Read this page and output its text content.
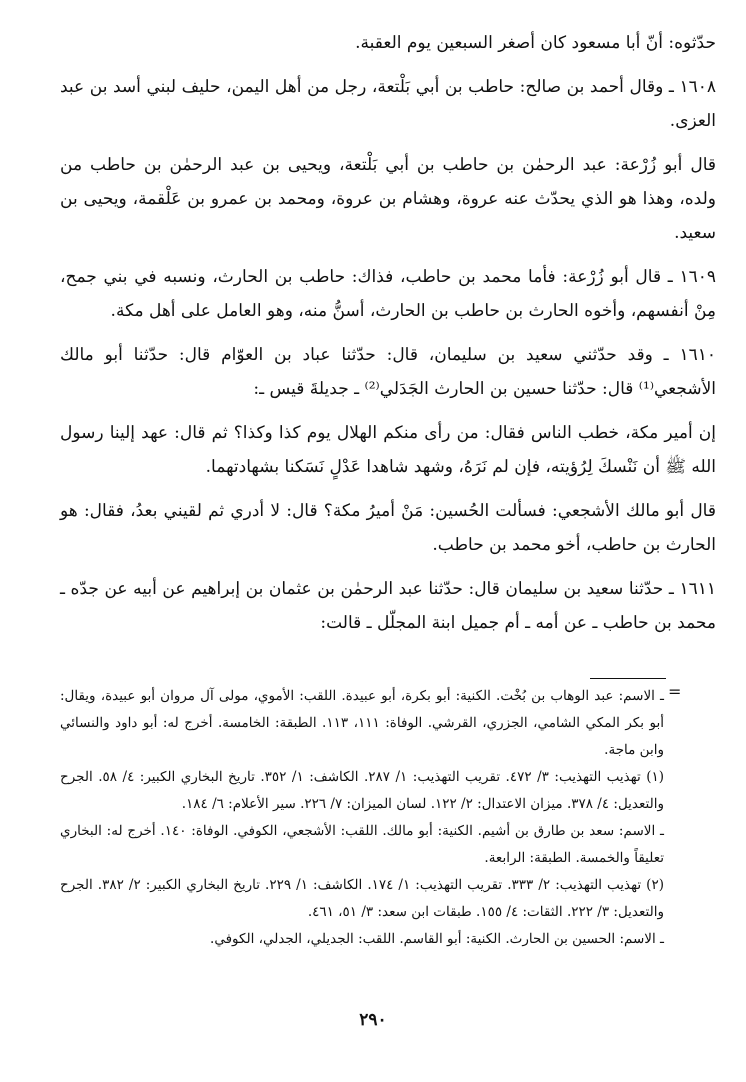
حدّثوه: أنّ أبا مسعود كان أصغر السبعين يوم العقبة.

١٦٠٨ ـ وقال أحمد بن صالح: حاطب بن أبي بَلْتعة، رجل من أهل اليمن، حليف لبني أسد بن عبد العزى.

قال أبو زُرْعة: عبد الرحمٰن بن حاطب بن أبي بَلْتعة، ويحيى بن عبد الرحمٰن بن حاطب من ولده، وهذا هو الذي يحدّث عنه عروة، وهشام بن عروة، ومحمد بن عمرو بن عَلْقمة، ويحيى بن سعيد.

١٦٠٩ ـ قال أبو زُرْعة: فأما محمد بن حاطب، فذاك: حاطب بن الحارث، ونسبه في بني جمح، مِنْ أنفسهم، وأخوه الحارث بن حاطب بن الحارث، أسنُّ منه، وهو العامل على أهل مكة.

١٦١٠ ـ وقد حدّثني سعيد بن سليمان، قال: حدّثنا عباد بن العوّام قال: حدّثنا أبو مالك الأشجعي⁽¹⁾ قال: حدّثنا حسين بن الحارث الجَدَلي⁽²⁾ ـ جديلةَ قيس ـ:

إن أمير مكة، خطب الناس فقال: من رأى منكم الهلال يوم كذا وكذا؟ ثم قال: عهد إلينا رسول الله ﷺ أن نَنْسكَ لِرُؤيته، فإن لم نَرَهُ، وشهد شاهدا عَدْلٍ نَسَكنا بشهادتهما.

قال أبو مالك الأشجعي: فسألت الحُسين: مَنْ أميرُ مكة؟ قال: لا أدري ثم لقيني بعدُ، فقال: هو الحارث بن حاطب، أخو محمد بن حاطب.

١٦١١ ـ حدّثنا سعيد بن سليمان قال: حدّثنا عبد الرحمٰن بن عثمان بن إبراهيم عن أبيه عن جدّه ـ محمد بن حاطب ـ عن أمه ـ أم جميل ابنة المجلّل ـ قالت:

=

ـ الاسم: عبد الوهاب بن بُخْت. الكنية: أبو بكرة، أبو عبيدة. اللقب: الأموي، مولى آل مروان أبو عبيدة، ويقال: أبو بكر المكي الشامي، الجزري، القرشي. الوفاة: ١١١، ١١٣. الطبقة: الخامسة. أخرج له: أبو داود والنسائي وابن ماجة.

(١) تهذيب التهذيب: ٣/ ٤٧٢. تقريب التهذيب: ١/ ٢٨٧. الكاشف: ١/ ٣٥٢. تاريخ البخاري الكبير: ٤/ ٥٨. الجرح والتعديل: ٤/ ٣٧٨. ميزان الاعتدال: ٢/ ١٢٢. لسان الميزان: ٧/ ٢٢٦. سير الأعلام: ٦/ ١٨٤.

ـ الاسم: سعد بن طارق بن أشيم. الكنية: أبو مالك. اللقب: الأشجعي، الكوفي. الوفاة: ١٤٠. أخرج له: البخاري تعليقاً والخمسة. الطبقة: الرابعة.

(٢) تهذيب التهذيب: ٢/ ٣٣٣. تقريب التهذيب: ١/ ١٧٤. الكاشف: ١/ ٢٢٩. تاريخ البخاري الكبير: ٢/ ٣٨٢. الجرح والتعديل: ٣/ ٢٢٢. الثقات: ٤/ ١٥٥. طبقات ابن سعد: ٣/ ٥١، ٤٦١.

ـ الاسم: الحسين بن الحارث. الكنية: أبو القاسم. اللقب: الجديلي، الجدلي، الكوفي.

٢٩٠
